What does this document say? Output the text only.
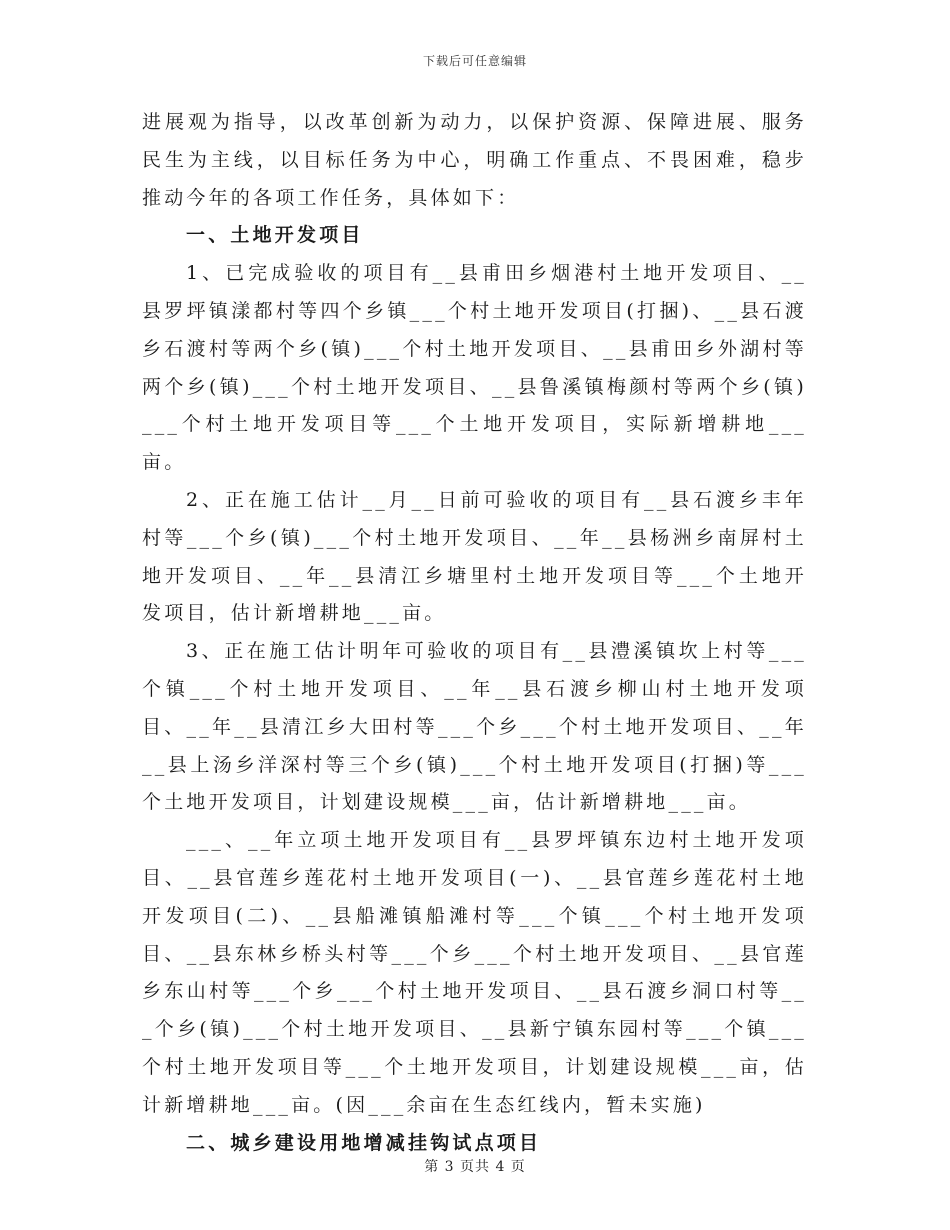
下载后可任意编辑

进展观为指导，以改革创新为动力，以保护资源、保障进展、服务民生为主线，以目标任务为中心，明确工作重点、不畏困难，稳步推动今年的各项工作任务，具体如下：

一、土地开发项目

1、已完成验收的项目有__县甫田乡烟港村土地开发项目、__县罗坪镇漾都村等四个乡镇___个村土地开发项目(打捆)、__县石渡乡石渡村等两个乡(镇)___个村土地开发项目、__县甫田乡外湖村等两个乡(镇)___个村土地开发项目、__县鲁溪镇梅颜村等两个乡(镇)___个村土地开发项目等___个土地开发项目，实际新增耕地___亩。

2、正在施工估计__月__日前可验收的项目有__县石渡乡丰年村等___个乡(镇)___个村土地开发项目、__年__县杨洲乡南屏村土地开发项目、__年__县清江乡塘里村土地开发项目等___个土地开发项目，估计新增耕地___亩。

3、正在施工估计明年可验收的项目有__县澧溪镇坎上村等___个镇___个村土地开发项目、__年__县石渡乡柳山村土地开发项目、__年__县清江乡大田村等___个乡___个村土地开发项目、__年__县上汤乡洋深村等三个乡(镇)___个村土地开发项目(打捆)等___个土地开发项目，计划建设规模___亩，估计新增耕地___亩。

___、__年立项土地开发项目有__县罗坪镇东边村土地开发项目、__县官莲乡莲花村土地开发项目(一)、__县官莲乡莲花村土地开发项目(二)、__县船滩镇船滩村等___个镇___个村土地开发项目、__县东林乡桥头村等___个乡___个村土地开发项目、__县官莲乡东山村等___个乡___个村土地开发项目、__县石渡乡洞口村等___个乡(镇)___个村土地开发项目、__县新宁镇东园村等___个镇___个村土地开发项目等___个土地开发项目，计划建设规模___亩，估计新增耕地___亩。(因___余亩在生态红线内，暂未实施)

二、城乡建设用地增减挂钩试点项目

第 3 页共 4 页
